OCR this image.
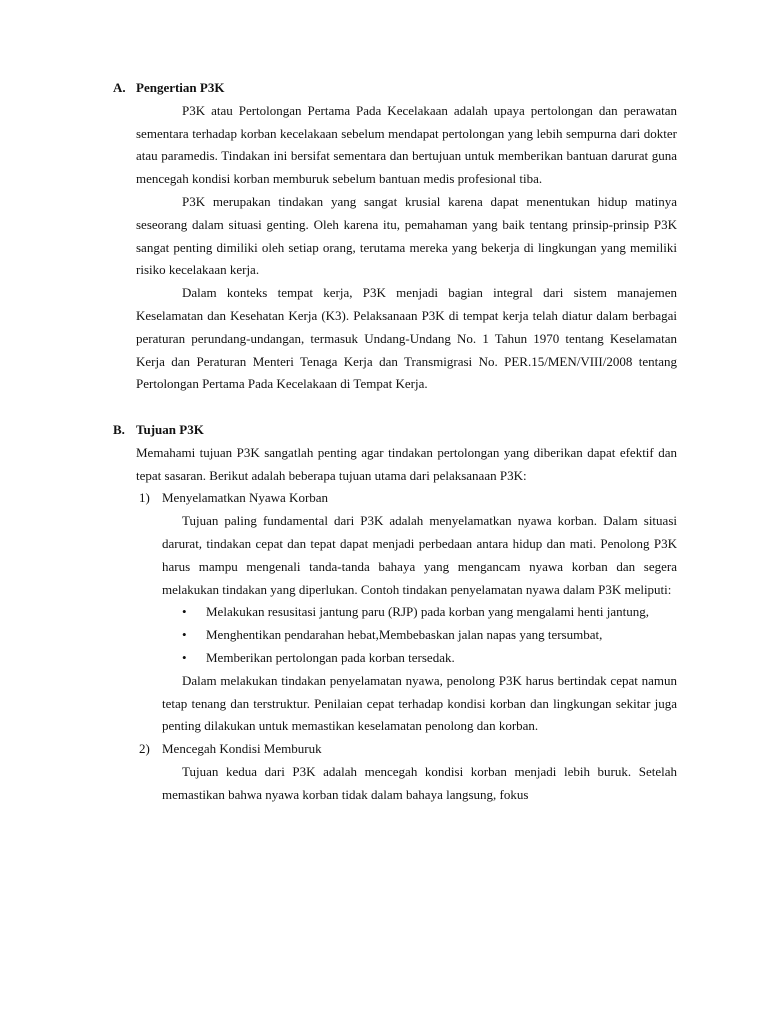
A. Pengertian P3K

P3K atau Pertolongan Pertama Pada Kecelakaan adalah upaya pertolongan dan perawatan sementara terhadap korban kecelakaan sebelum mendapat pertolongan yang lebih sempurna dari dokter atau paramedis. Tindakan ini bersifat sementara dan bertujuan untuk memberikan bantuan darurat guna mencegah kondisi korban memburuk sebelum bantuan medis profesional tiba.

P3K merupakan tindakan yang sangat krusial karena dapat menentukan hidup matinya seseorang dalam situasi genting. Oleh karena itu, pemahaman yang baik tentang prinsip-prinsip P3K sangat penting dimiliki oleh setiap orang, terutama mereka yang bekerja di lingkungan yang memiliki risiko kecelakaan kerja.

Dalam konteks tempat kerja, P3K menjadi bagian integral dari sistem manajemen Keselamatan dan Kesehatan Kerja (K3). Pelaksanaan P3K di tempat kerja telah diatur dalam berbagai peraturan perundang-undangan, termasuk Undang-Undang No. 1 Tahun 1970 tentang Keselamatan Kerja dan Peraturan Menteri Tenaga Kerja dan Transmigrasi No. PER.15/MEN/VIII/2008 tentang Pertolongan Pertama Pada Kecelakaan di Tempat Kerja.

B. Tujuan P3K

Memahami tujuan P3K sangatlah penting agar tindakan pertolongan yang diberikan dapat efektif dan tepat sasaran. Berikut adalah beberapa tujuan utama dari pelaksanaan P3K:

1) Menyelamatkan Nyawa Korban

Tujuan paling fundamental dari P3K adalah menyelamatkan nyawa korban. Dalam situasi darurat, tindakan cepat dan tepat dapat menjadi perbedaan antara hidup dan mati. Penolong P3K harus mampu mengenali tanda-tanda bahaya yang mengancam nyawa korban dan segera melakukan tindakan yang diperlukan. Contoh tindakan penyelamatan nyawa dalam P3K meliputi:

• Melakukan resusitasi jantung paru (RJP) pada korban yang mengalami henti jantung,
• Menghentikan pendarahan hebat,Membebaskan jalan napas yang tersumbat,
• Memberikan pertolongan pada korban tersedak.

Dalam melakukan tindakan penyelamatan nyawa, penolong P3K harus bertindak cepat namun tetap tenang dan terstruktur. Penilaian cepat terhadap kondisi korban dan lingkungan sekitar juga penting dilakukan untuk memastikan keselamatan penolong dan korban.

2) Mencegah Kondisi Memburuk

Tujuan kedua dari P3K adalah mencegah kondisi korban menjadi lebih buruk. Setelah memastikan bahwa nyawa korban tidak dalam bahaya langsung, fokus
